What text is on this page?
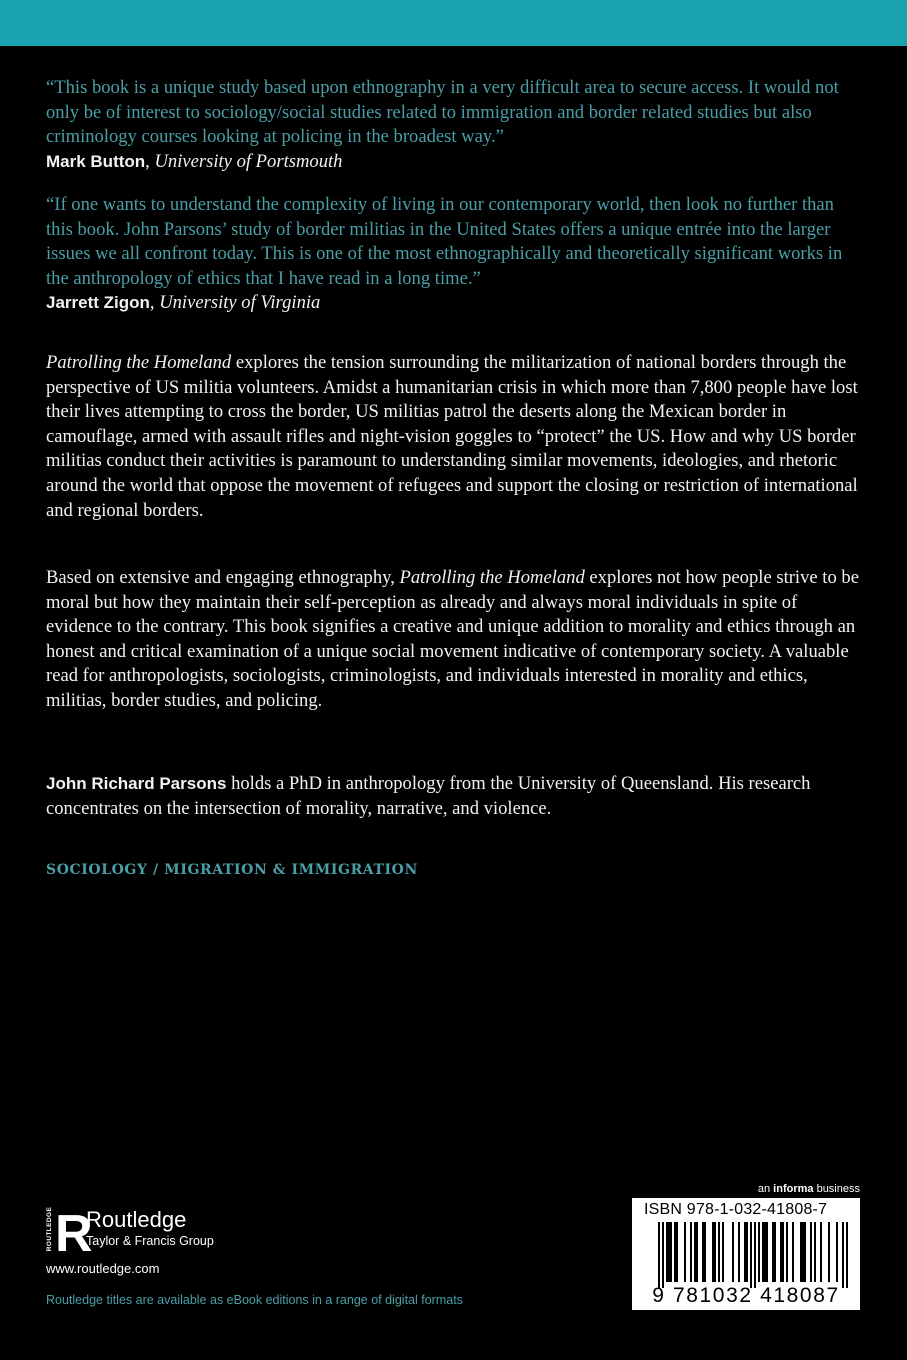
“This book is a unique study based upon ethnography in a very difficult area to secure access. It would not only be of interest to sociology/social studies related to immigration and border related studies but also criminology courses looking at policing in the broadest way.”

Mark Button, University of Portsmouth

“If one wants to understand the complexity of living in our contemporary world, then look no further than this book. John Parsons’ study of border militias in the United States offers a unique entrée into the larger issues we all confront today. This is one of the most ethnographically and theoretically significant works in the anthropology of ethics that I have read in a long time.”

Jarrett Zigon, University of Virginia

Patrolling the Homeland explores the tension surrounding the militarization of national borders through the perspective of US militia volunteers. Amidst a humanitarian crisis in which more than 7,800 people have lost their lives attempting to cross the border, US militias patrol the deserts along the Mexican border in camouflage, armed with assault rifles and night-vision goggles to “protect” the US. How and why US border militias conduct their activities is paramount to understanding similar movements, ideologies, and rhetoric around the world that oppose the movement of refugees and support the closing or restriction of international and regional borders.

Based on extensive and engaging ethnography, Patrolling the Homeland explores not how people strive to be moral but how they maintain their self-perception as already and always moral individuals in spite of evidence to the contrary. This book signifies a creative and unique addition to morality and ethics through an honest and critical examination of a unique social movement indicative of contemporary society. A valuable read for anthropologists, sociologists, criminologists, and individuals interested in morality and ethics, militias, border studies, and policing.

John Richard Parsons holds a PhD in anthropology from the University of Queensland. His research concentrates on the intersection of morality, narrative, and violence.

SOCIOLOGY / MIGRATION & IMMIGRATION

ROUTLEDGE R

Routledge

Taylor & Francis Group

www.routledge.com

Routledge titles are available as eBook editions in a range of digital formats

an informa business

ISBN 978-1-032-41808-7

9 781032 418087
